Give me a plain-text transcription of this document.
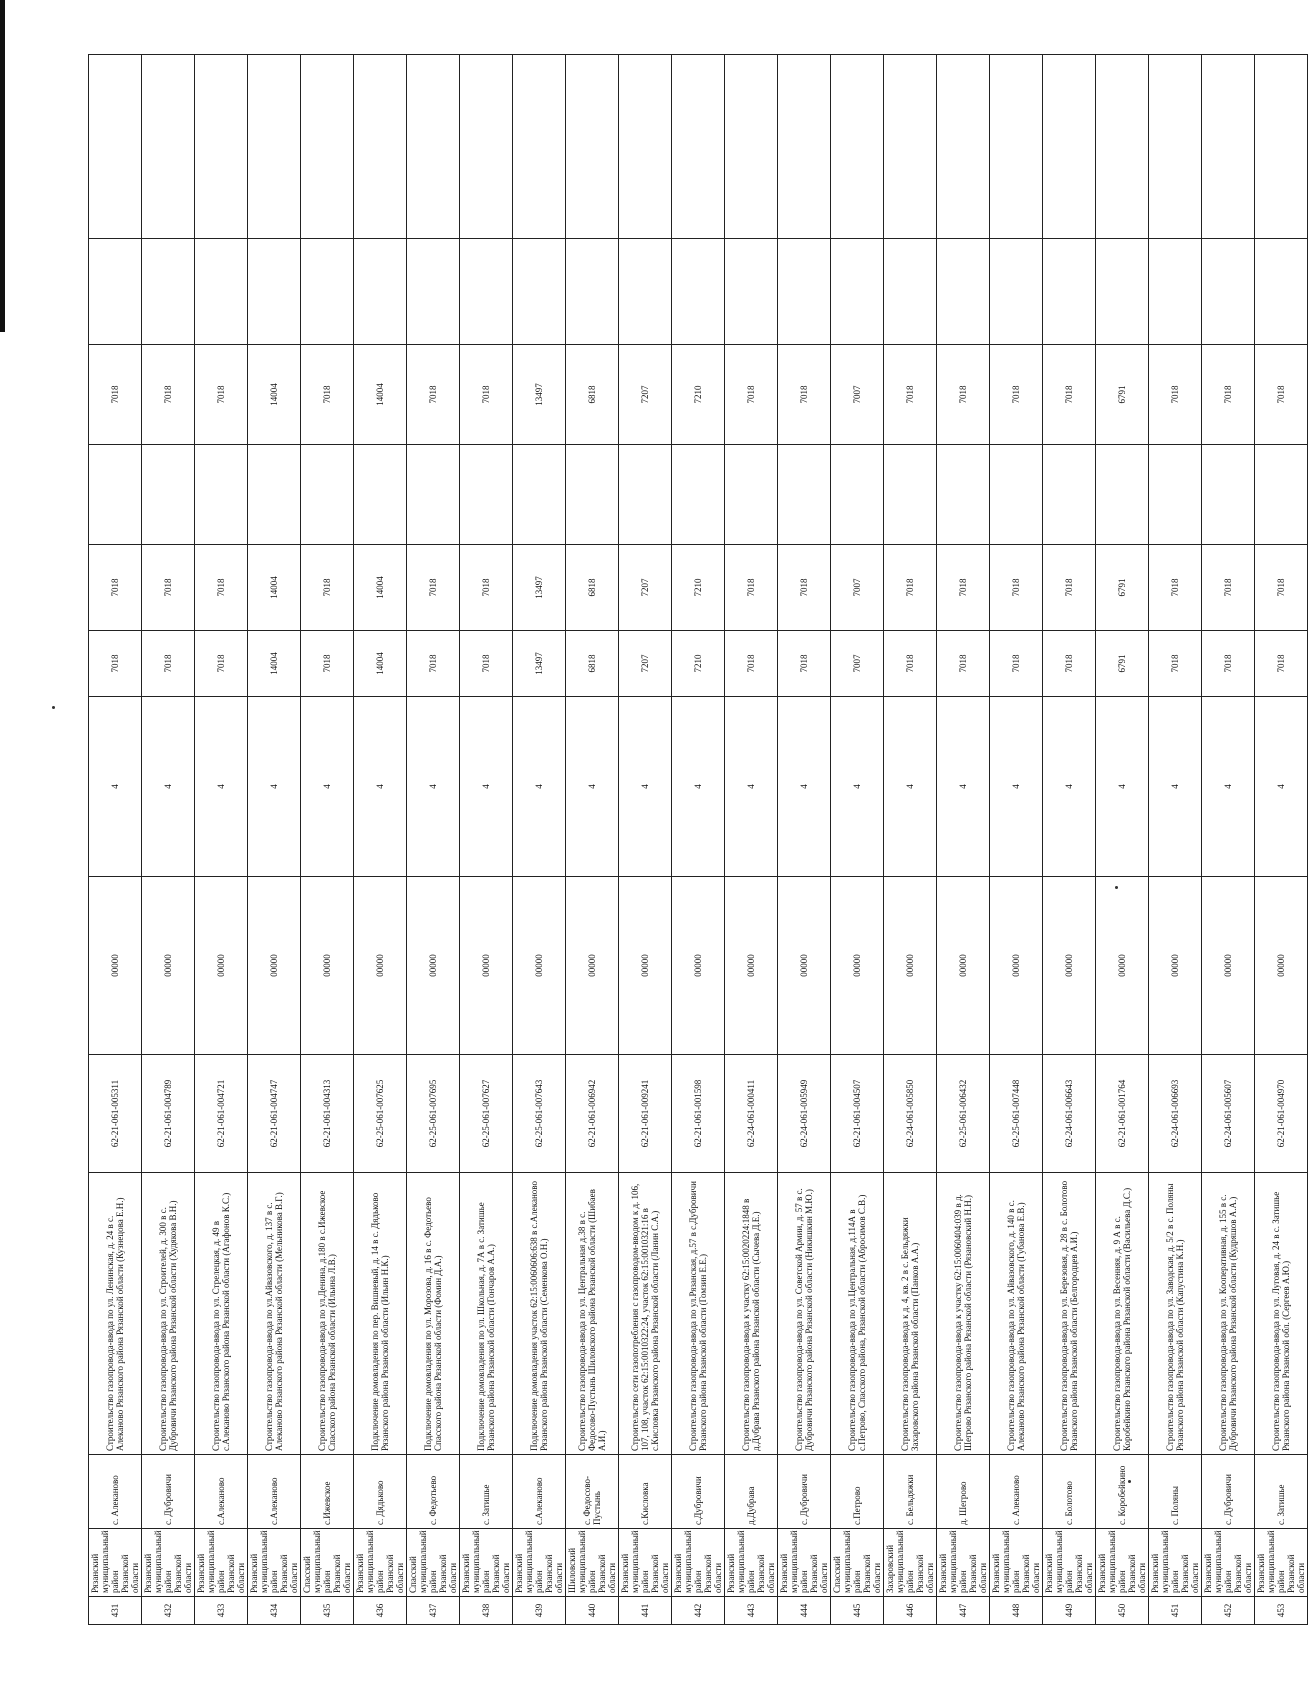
431	Рязанский муниципальный район Рязанской области	с. Алеканово	Строительство газопровода-ввода по ул. Ленинская, д. 24 в с. Алеканово Рязанского района Рязанской области (Кузнецова Е.Н.)	62-21-061-005311	00000	4	7018	7018		7018		
432	Рязанский муниципальный район Рязанской области	с. Дубровичи	Строительство газопровода-ввода по ул. Строителей, д. 300 в с. Дубровичи Рязанского района Рязанской области (Худякова В.Н.)	62-21-061-004789	00000	4	7018	7018		7018		
433	Рязанский муниципальный район Рязанской области	с.Алеканово	Строительство газопровода-ввода по ул. Стрелецкая, д. 49 в с.Алеканово Рязанского района Рязанской области (Агафонов К.С.)	62-21-061-004721	00000	4	7018	7018		7018		
434	Рязанский муниципальный район Рязанской области	с.Алеканово	Строительство газопровода-ввода по ул.Айвазовского, д. 137 в с. Алеканово Рязанского района Рязанской области (Мельникова В.Г.)	62-21-061-004747	00000	4	14004	14004		14004		
435	Спасский муниципальный район Рязанской области	с.Ижевское	Строительство газопровода-ввода по ул.Денина, д.180 в с.Ижевское Спасского района Рязанской области (Ильина Л.В.)	62-21-061-004313	00000	4	7018	7018		7018		
436	Рязанский муниципальный район Рязанской области	с. Дядьково	Подключение домовладения по пер. Вишневый, д. 14 в с. Дядьково Рязанского района Рязанской области (Ильин Н.К.)	62-25-061-007625	00000	4	14004	14004		14004		
437	Спасский муниципальный район Рязанской области	с. Федотьево	Подключение домовладения по ул. Морозова, д. 16 в с. Федотьево Спасского района Рязанской области (Фомин Д.А.)	62-25-061-007695	00000	4	7018	7018		7018		
438	Рязанский муниципальный район Рязанской области	с. Затишье	Подключение домовладения по ул. Школьная, д. 7А в с. Затишье Рязанского района Рязанской области (Гончаров А.А.)	62-25-061-007627	00000	4	7018	7018		7018		
439	Рязанский муниципальный район Рязанской области	с.Алеканово	Подключение домовладения участок 62:15:0060606:638 в с.Алеканово Рязанского района Рязанской области (Семенкова О.Н.)	62-25-061-007643	00000	4	13497	13497		13497		
440	Шиловский муниципальный район Рязанской области	с. Федосово-Пустынь	Строительство газопровода-ввода по ул. Центральная д.38 в с. Федосово-Пустынь Шиловского района Рязанской области (Шибаев А.И.)	62-21-061-006942	00000	4	6818	6818		6818		
441	Рязанский муниципальный район Рязанской области	с.Кисловка	Строительство сети газопотребления с газопроводом-вводом к д. 106, 107, 108, участок 62:15:0010322:24, участок 62:15:0010321:16 в с.Кисловка Рязанского района Рязанской области (Ланин С.А.)	62-21-061-009241	00000	4	7207	7207		7207		
442	Рязанский муниципальный район Рязанской области	с.Дубровичи	Строительство газопровода-ввода по ул.Рязанская, д.57 в с.Дубровичи Рязанского района Рязанской области (Гомзин Е.Е.)	62-21-061-001598	00000	4	7210	7210		7210		
443	Рязанский муниципальный район Рязанской области	д.Дубрава	Строительство газопровода-ввода к участку 62:15:0020224:1848 в д.Дубрава Рязанского района Рязанской области (Сычева Д.Е.)	62-24-061-000411	00000	4	7018	7018		7018		
444	Рязанский муниципальный район Рязанской области	с. Дубровичи	Строительство газопровода-ввода по ул. Советской Армии, д. 57 в с. Дубровичи Рязанского района Рязанской области (Никишкин М.Ю.)	62-24-061-005949	00000	4	7018	7018		7018		
445	Спасский муниципальный район Рязанской области	с.Петрово	Строительство газопровода-ввода по ул.Центральная, д.114А в с.Петрово, Спасского района, Рязанской области (Абросимов С.В.)	62-21-061-004507	00000	4	7007	7007		7007		
446	Захаровский муниципальный район Рязанской области	с. Бельдяжки	Строительство газопровода-ввода к д. 4, кв. 2 в с. Бельдяжки Захаровского района Рязанской области (Панков А.А.)	62-24-061-005850	00000	4	7018	7018		7018		
447	Рязанский муниципальный район Рязанской области	д. Шегрово	Строительство газопровода-ввода к участку 62:15:0060404:039 в д. Шегрово Рязанского района Рязанской области (Рязановский Н.Н.)	62-25-061-006432	00000	4	7018	7018		7018		
448	Рязанский муниципальный район Рязанской области	с. Алеканово	Строительство газопровода-ввода по ул. Айвазовского, д. 140 в с. Алеканово Рязанского района Рязанской области (Губанова Е.В.)	62-25-061-007448	00000	4	7018	7018		7018		
449	Рязанский муниципальный район Рязанской области	с. Болотово	Строительство газопровода-ввода по ул. Березовая, д. 28 в с. Болотово Рязанского района Рязанской области (Белгородцев А.И.)	62-24-061-006643	00000	4	7018	7018		7018		
450	Рязанский муниципальный район Рязанской области	с. Коробейкино	Строительство газопровода-ввода по ул. Весенняя, д. 9 А в с. Коробейкино Рязанского района Рязанской области (Васильева Д.С.)	62-21-061-001764	00000	4	6791	6791		6791		
451	Рязанский муниципальный район Рязанской области	с. Поляны	Строительство газопровода-ввода по ул. Заводская, д. 5/2 в с. Поляны Рязанского района Рязанской области (Капустина К.Н.)	62-24-061-006693	00000	4	7018	7018		7018		
452	Рязанский муниципальный район Рязанской области	с. Дубровичи	Строительство газопровода-ввода по ул. Кооперативная, д. 155 в с. Дубровичи Рязанского района Рязанской области (Кудряшов А.А.)	62-24-061-005607	00000	4	7018	7018		7018		
453	Рязанский муниципальный район Рязанской области	с. Затишье	Строительство газопровода-ввода по ул. Луговая, д. 24 в с. Затишье Рязанского района Рязанской обл. (Сергеев А.Ю.)	62-21-061-004970	00000	4	7018	7018		7018		
